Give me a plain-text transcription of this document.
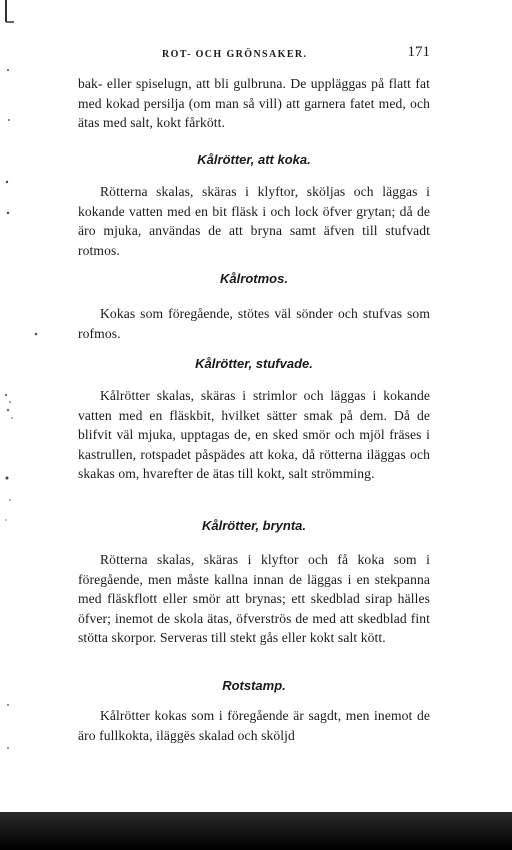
ROT- OCH GRÖNSAKER.	171

bak- eller spiselugn, att bli gulbruna. De uppläggas på flatt fat med kokad persilja (om man så vill) att garnera fatet med, och ätas med salt, kokt fårkött.

Kålrötter, att koka.

Rötterna skalas, skäras i klyftor, sköljas och läggas i kokande vatten med en bit fläsk i och lock öfver grytan; då de äro mjuka, användas de att bryna samt äfven till stufvadt rotmos.

Kålrotmos.

Kokas som föregående, stötes väl sönder och stufvas som rofmos.

Kålrötter, stufvade.

Kålrötter skalas, skäras i strimlor och läggas i kokande vatten med en fläskbit, hvilket sätter smak på dem. Då de blifvit väl mjuka, upptagas de, en sked smör och mjöl fräses i kastrullen, rotspadet påspädes att koka, då rötterna iläggas och skakas om, hvarefter de ätas till kokt, salt strömming.

Kålrötter, brynta.

Rötterna skalas, skäras i klyftor och få koka som i föregående, men måste kallna innan de läggas i en stekpanna med fläskflott eller smör att brynas; ett skedblad sirap hälles öfver; inemot de skola ätas, öfverströs de med att skedblad fint stötta skorpor. Serveras till stekt gås eller kokt salt kött.

Rotstamp.

Kålrötter kokas som i föregående är sagdt, men inemot de äro fullkokta, iläggës skalad och sköljd
